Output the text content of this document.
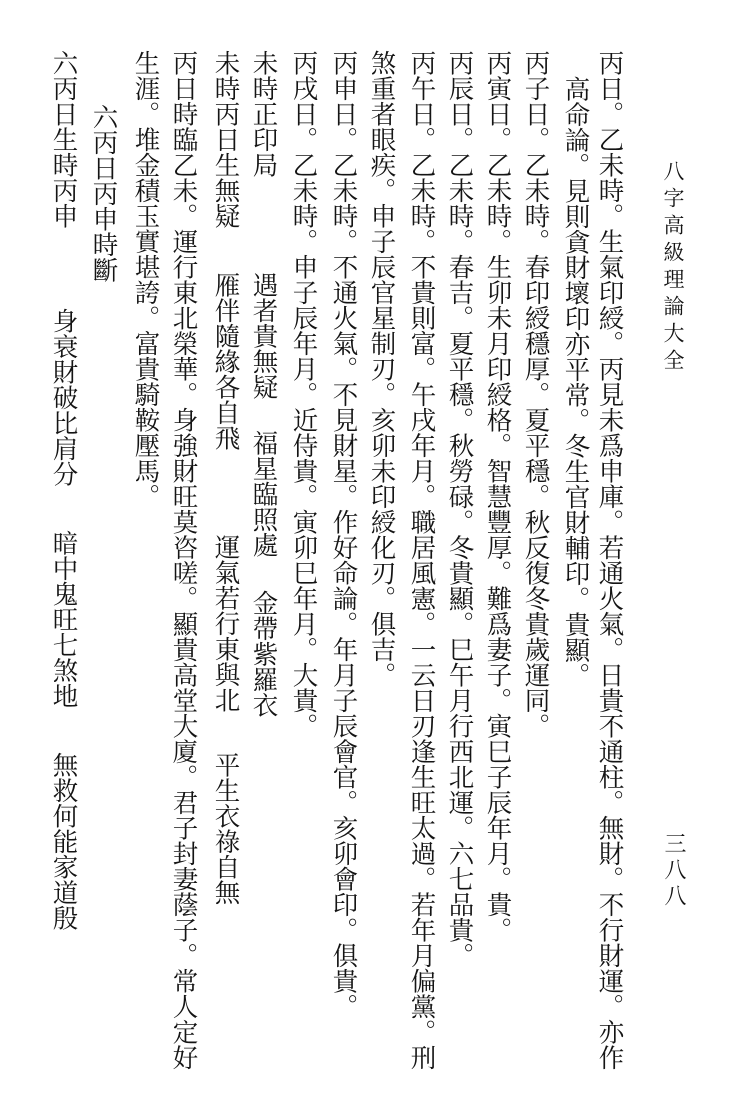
八字高級理論大全
三八八
丙日。乙未時。生氣印綬。丙見未爲申庫。若通火氣。日貴不通柱。無財。不行財運。亦作
高命論。見則貪財壞印亦平常。冬生官財輔印。貴顯。
丙子日。乙未時。春印綬穩厚。夏平穩。秋反復冬貴歲運同。
丙寅日。乙未時。生卯未月印綬格。智慧豐厚。難爲妻子。寅巳子辰年月。貴。
丙辰日。乙未時。春吉。夏平穩。秋勞碌。冬貴顯。巳午月行西北運。六七品貴。
丙午日。乙未時。不貴則富。午戌年月。職居風憲。一云日刃逢生旺太過。若年月偏黨。刑
煞重者眼疾。申子辰官星制刃。亥卯未印綬化刃。俱吉。
丙申日。乙未時。不通火氣。不見財星。作好命論。年月子辰會官。亥卯會印。俱貴。
丙戌日。乙未時。申子辰年月。近侍貴。寅卯巳年月。大貴。
未時正印局
遇者貴無疑
福星臨照處
金帶紫羅衣
未時丙日生無疑
雁伴隨緣各自飛
運氣若行東與北
平生衣祿自無
丙日時臨乙未。運行東北榮華。身強財旺莫咨嗟。顯貴高堂大廈。君子封妻蔭子。常人定好
生涯。堆金積玉實堪誇。富貴騎鞍壓馬。
六丙日丙申時斷
六丙日生時丙申
身衰財破比肩分
暗中鬼旺七煞地
無救何能家道殷
